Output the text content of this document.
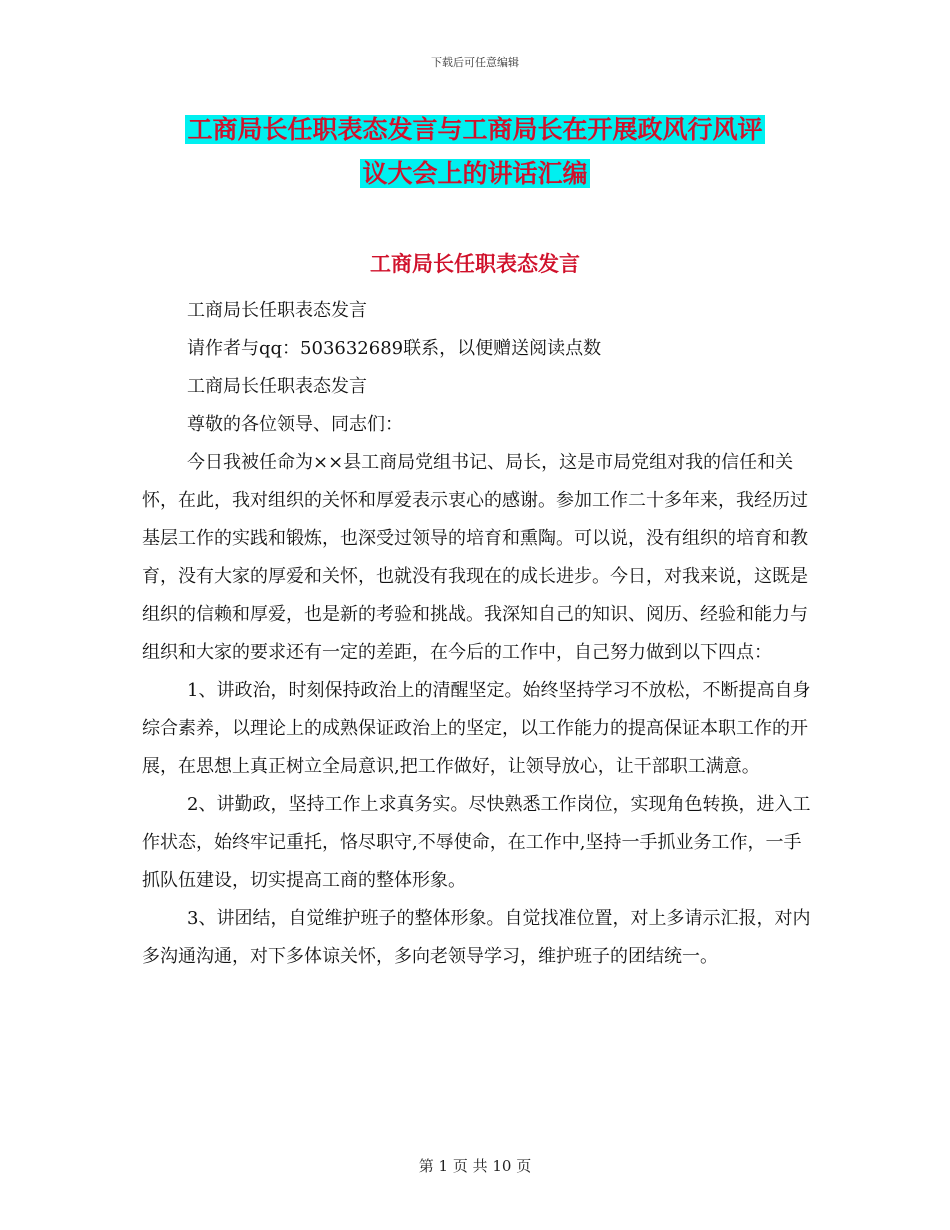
下载后可任意编辑
工商局长任职表态发言与工商局长在开展政风行风评
议大会上的讲话汇编
工商局长任职表态发言

工商局长任职表态发言

请作者与qq：503632689联系，以便赠送阅读点数

工商局长任职表态发言

尊敬的各位领导、同志们：

今日我被任命为××县工商局党组书记、局长，这是市局党组对我的信任和关怀，在此，我对组织的关怀和厚爱表示衷心的感谢。参加工作二十多年来，我经历过基层工作的实践和锻炼，也深受过领导的培育和熏陶。可以说，没有组织的培育和教育，没有大家的厚爱和关怀，也就没有我现在的成长进步。今日，对我来说，这既是组织的信赖和厚爱，也是新的考验和挑战。我深知自己的知识、阅历、经验和能力与组织和大家的要求还有一定的差距，在今后的工作中，自己努力做到以下四点：

1、讲政治，时刻保持政治上的清醒坚定。始终坚持学习不放松，不断提高自身综合素养，以理论上的成熟保证政治上的坚定，以工作能力的提高保证本职工作的开展，在思想上真正树立全局意识,把工作做好，让领导放心，让干部职工满意。

2、讲勤政，坚持工作上求真务实。尽快熟悉工作岗位，实现角色转换，进入工作状态，始终牢记重托，恪尽职守,不辱使命，在工作中,坚持一手抓业务工作，一手抓队伍建设，切实提高工商的整体形象。

3、讲团结，自觉维护班子的整体形象。自觉找准位置，对上多请示汇报，对内多沟通沟通，对下多体谅关怀，多向老领导学习，维护班子的团结统一。

第 1 页 共 10 页
